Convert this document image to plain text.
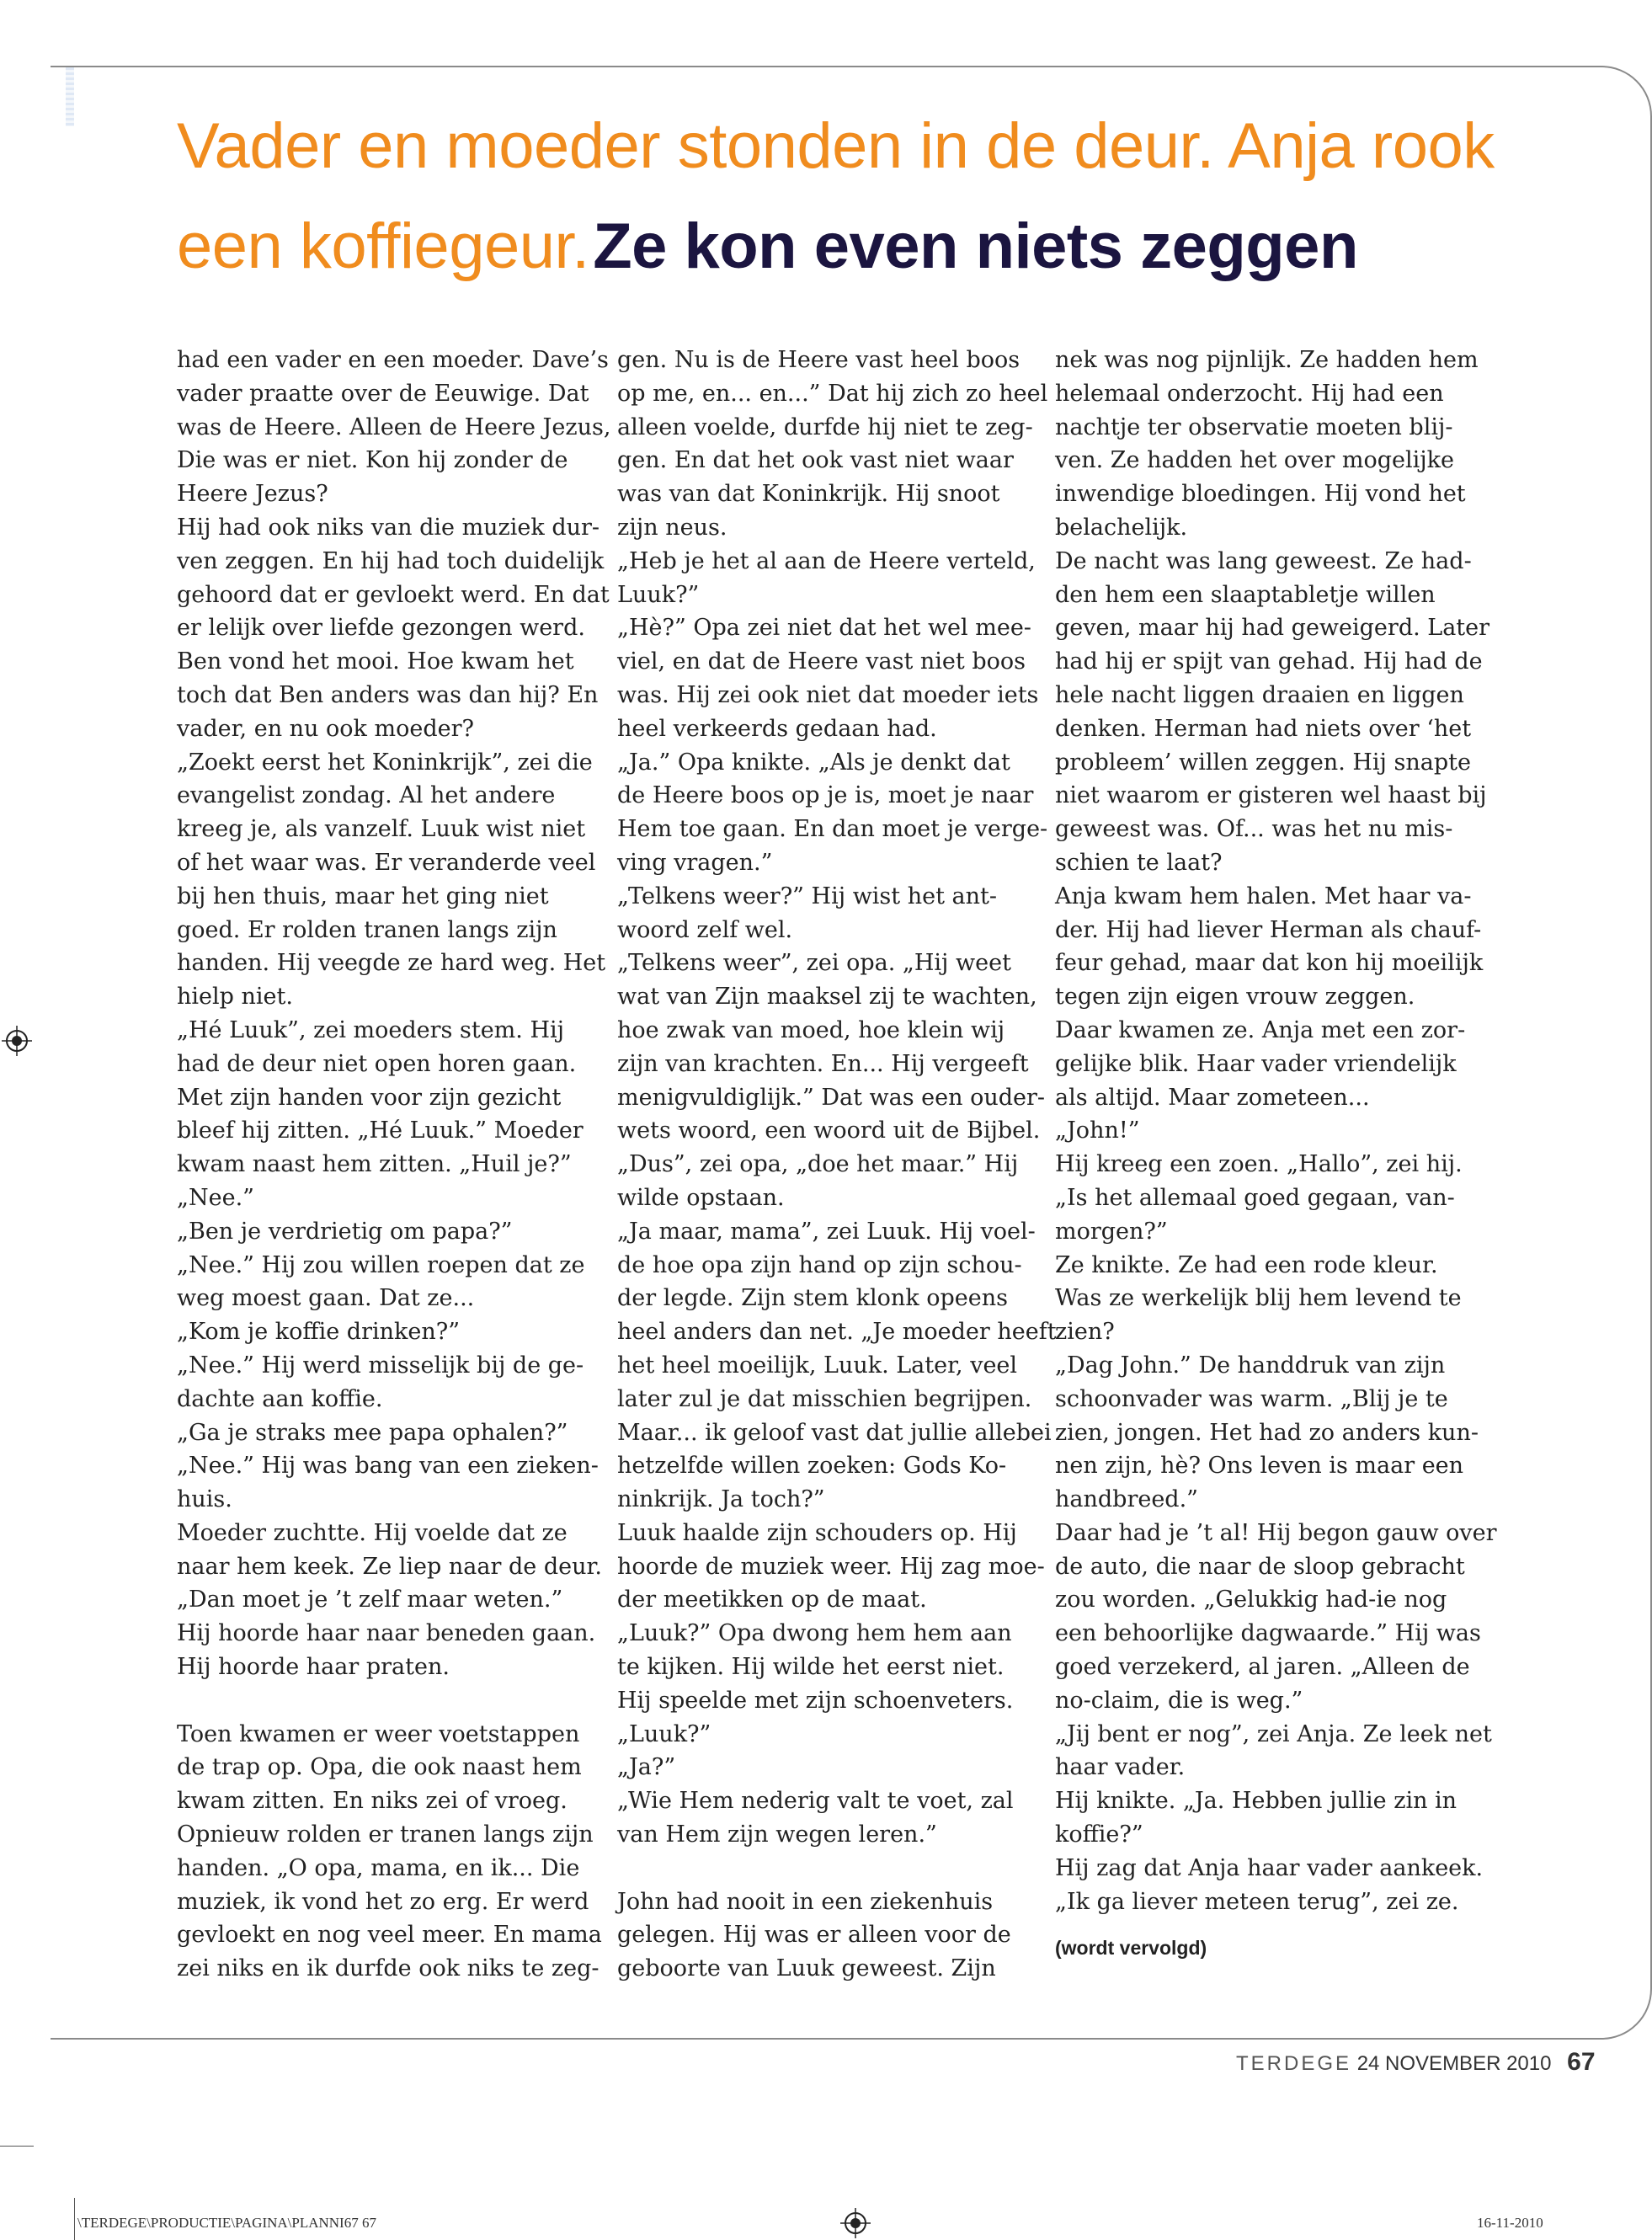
Vader en moeder stonden in de deur. Anja rook een koffiegeur. Ze kon even niets zeggen

had een vader en een moeder. Dave’s

vader praatte over de Eeuwige. Dat

was de Heere. Alleen de Heere Jezus,

Die was er niet. Kon hij zonder de

Heere Jezus?

Hij had ook niks van die muziek dur-

ven zeggen. En hij had toch duidelijk

gehoord dat er gevloekt werd. En dat

er lelijk over liefde gezongen werd.

Ben vond het mooi. Hoe kwam het

toch dat Ben anders was dan hij? En

vader, en nu ook moeder?

„Zoekt eerst het Koninkrijk”, zei die

evangelist zondag. Al het andere

kreeg je, als vanzelf. Luuk wist niet

of het waar was. Er veranderde veel

bij hen thuis, maar het ging niet

goed. Er rolden tranen langs zijn

handen. Hij veegde ze hard weg. Het

hielp niet.

„Hé Luuk”, zei moeders stem. Hij

had de deur niet open horen gaan.

Met zijn handen voor zijn gezicht

bleef hij zitten. „Hé Luuk.” Moeder

kwam naast hem zitten. „Huil je?”

„Nee.”

„Ben je verdrietig om papa?”

„Nee.” Hij zou willen roepen dat ze

weg moest gaan. Dat ze...

„Kom je koffie drinken?”

„Nee.” Hij werd misselijk bij de ge-

dachte aan koffie.

„Ga je straks mee papa ophalen?”

„Nee.” Hij was bang van een zieken-

huis.

Moeder zuchtte. Hij voelde dat ze

naar hem keek. Ze liep naar de deur.

„Dan moet je ’t zelf maar weten.”

Hij hoorde haar naar beneden gaan.

Hij hoorde haar praten.

Toen kwamen er weer voetstappen

de trap op. Opa, die ook naast hem

kwam zitten. En niks zei of vroeg.

Opnieuw rolden er tranen langs zijn

handen. „O opa, mama, en ik... Die

muziek, ik vond het zo erg. Er werd

gevloekt en nog veel meer. En mama

zei niks en ik durfde ook niks te zeg-

gen. Nu is de Heere vast heel boos

op me, en... en...” Dat hij zich zo heel

alleen voelde, durfde hij niet te zeg-

gen. En dat het ook vast niet waar

was van dat Koninkrijk. Hij snoot

zijn neus.

„Heb je het al aan de Heere verteld,

Luuk?”

„Hè?” Opa zei niet dat het wel mee-

viel, en dat de Heere vast niet boos

was. Hij zei ook niet dat moeder iets

heel verkeerds gedaan had.

„Ja.” Opa knikte. „Als je denkt dat

de Heere boos op je is, moet je naar

Hem toe gaan. En dan moet je verge-

ving vragen.”

„Telkens weer?” Hij wist het ant-

woord zelf wel.

„Telkens weer”, zei opa. „Hij weet

wat van Zijn maaksel zij te wachten,

hoe zwak van moed, hoe klein wij

zijn van krachten. En... Hij vergeeft

menigvuldiglijk.” Dat was een ouder-

wets woord, een woord uit de Bijbel.

„Dus”, zei opa, „doe het maar.” Hij

wilde opstaan.

„Ja maar, mama”, zei Luuk. Hij voel-

de hoe opa zijn hand op zijn schou-

der legde. Zijn stem klonk opeens

heel anders dan net. „Je moeder heeft

het heel moeilijk, Luuk. Later, veel

later zul je dat misschien begrijpen.

Maar... ik geloof vast dat jullie allebei

hetzelfde willen zoeken: Gods Ko-

ninkrijk. Ja toch?”

Luuk haalde zijn schouders op. Hij

hoorde de muziek weer. Hij zag moe-

der meetikken op de maat.

„Luuk?” Opa dwong hem hem aan

te kijken. Hij wilde het eerst niet.

Hij speelde met zijn schoenveters.

„Luuk?”

„Ja?”

„Wie Hem nederig valt te voet, zal

van Hem zijn wegen leren.”

John had nooit in een ziekenhuis

gelegen. Hij was er alleen voor de

geboorte van Luuk geweest. Zijn

nek was nog pijnlijk. Ze hadden hem

helemaal onderzocht. Hij had een

nachtje ter observatie moeten blij-

ven. Ze hadden het over mogelijke

inwendige bloedingen. Hij vond het

belachelijk.

De nacht was lang geweest. Ze had-

den hem een slaaptabletje willen

geven, maar hij had geweigerd. Later

had hij er spijt van gehad. Hij had de

hele nacht liggen draaien en liggen

denken. Herman had niets over ‘het

probleem’ willen zeggen. Hij snapte

niet waarom er gisteren wel haast bij

geweest was. Of... was het nu mis-

schien te laat?

Anja kwam hem halen. Met haar va-

der. Hij had liever Herman als chauf-

feur gehad, maar dat kon hij moeilijk

tegen zijn eigen vrouw zeggen.

Daar kwamen ze. Anja met een zor-

gelijke blik. Haar vader vriendelijk

als altijd. Maar zometeen...

„John!”

Hij kreeg een zoen. „Hallo”, zei hij.

„Is het allemaal goed gegaan, van-

morgen?”

Ze knikte. Ze had een rode kleur.

Was ze werkelijk blij hem levend te

zien?

„Dag John.” De handdruk van zijn

schoonvader was warm. „Blij je te

zien, jongen. Het had zo anders kun-

nen zijn, hè? Ons leven is maar een

handbreed.”

Daar had je ’t al! Hij begon gauw over

de auto, die naar de sloop gebracht

zou worden. „Gelukkig had-ie nog

een behoorlijke dagwaarde.” Hij was

goed verzekerd, al jaren. „Alleen de

no-claim, die is weg.”

„Jij bent er nog”, zei Anja. Ze leek net

haar vader.

Hij knikte. „Ja. Hebben jullie zin in

koffie?”

Hij zag dat Anja haar vader aankeek.

„Ik ga liever meteen terug”, zei ze.

(wordt vervolgd)

TERDEGE 24 NOVEMBER 2010 67
\TERDEGE\PRODUCTIE\PAGINA\PLANNI67 67	16-11-2010
